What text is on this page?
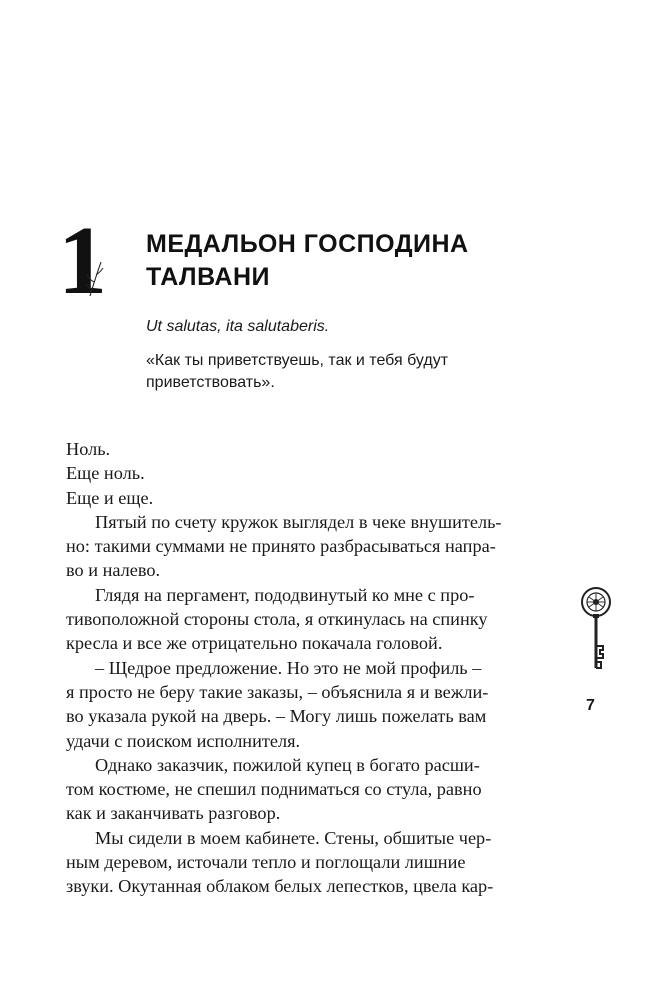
1 МЕДАЛЬОН ГОСПОДИНА
ТАЛВАНИ

Ut salutas, ita salutaberis.

«Как ты приветствуешь, так и тебя будут
приветствовать».

Ноль.

Еще ноль.

Еще и еще.

Пятый по счету кружок выглядел в чеке внушитель-
но: такими суммами не принято разбрасываться напра-
во и налево.

Глядя на пергамент, пододвинутый ко мне с про-
тивоположной стороны стола, я откинулась на спинку
кресла и все же отрицательно покачала головой.

– Щедрое предложение. Но это не мой профиль –
я просто не беру такие заказы, – объяснила я и вежли-
во указала рукой на дверь. – Могу лишь пожелать вам
удачи с поиском исполнителя.

Однако заказчик, пожилой купец в богато расши-
том костюме, не спешил подниматься со стула, равно
как и заканчивать разговор.

Мы сидели в моем кабинете. Стены, обшитые чер-
ным деревом, источали тепло и поглощали лишние
звуки. Окутанная облаком белых лепестков, цвела кар-

7
